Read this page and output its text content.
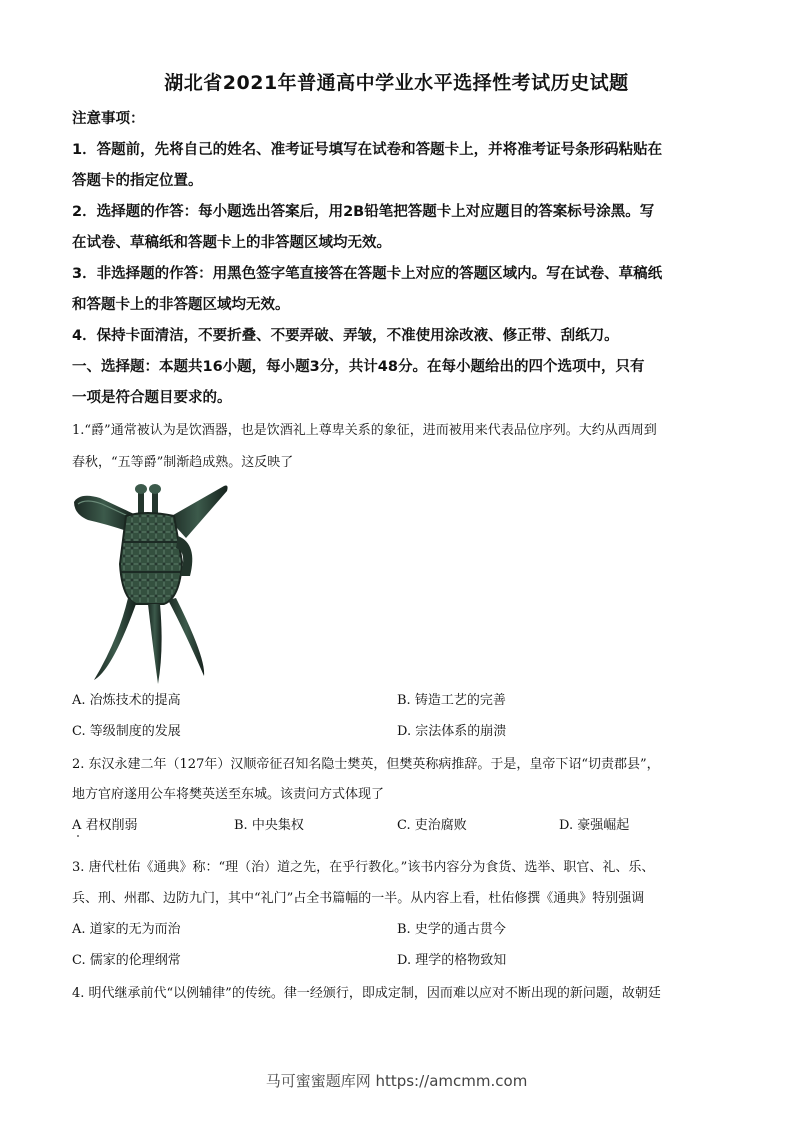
湖北省2021年普通高中学业水平选择性考试历史试题
注意事项：
1．答题前，先将自己的姓名、准考证号填写在试卷和答题卡上，并将准考证号条形码粘贴在
答题卡的指定位置。
2．选择题的作答：每小题选出答案后，用2B铅笔把答题卡上对应题目的答案标号涂黑。写
在试卷、草稿纸和答题卡上的非答题区域均无效。
3．非选择题的作答：用黑色签字笔直接答在答题卡上对应的答题区域内。写在试卷、草稿纸
和答题卡上的非答题区域均无效。
4．保持卡面清洁，不要折叠、不要弄破、弄皱，不准使用涂改液、修正带、刮纸刀。
一、选择题：本题共16小题，每小题3分，共计48分。在每小题给出的四个选项中，只有
一项是符合题目要求的。
1.“爵”通常被认为是饮酒器，也是饮酒礼上尊卑关系的象征，进而被用来代表品位序列。大约从西周到
春秋，“五等爵”制渐趋成熟。这反映了
A. 冶炼技术的提高	B. 铸造工艺的完善
C. 等级制度的发展	D. 宗法体系的崩溃
2. 东汉永建二年（127年）汉顺帝征召知名隐士樊英，但樊英称病推辞。于是，皇帝下诏“切责郡县”，
地方官府遂用公车将樊英送至东城。该责问方式体现了
A 君权削弱	B. 中央集权	C. 吏治腐败	D. 豪强崛起
3. 唐代杜佑《通典》称：“理（治）道之先，在乎行教化。”该书内容分为食货、选举、职官、礼、乐、
兵、刑、州郡、边防九门，其中“礼门”占全书篇幅的一半。从内容上看，杜佑修撰《通典》特别强调
A. 道家的无为而治	B. 史学的通古贯今
C. 儒家的伦理纲常	D. 理学的格物致知
4. 明代继承前代“以例辅律”的传统。律一经颁行，即成定制，因而难以应对不断出现的新问题，故朝廷
马可蜜蜜题库网 https://amcmm.com
